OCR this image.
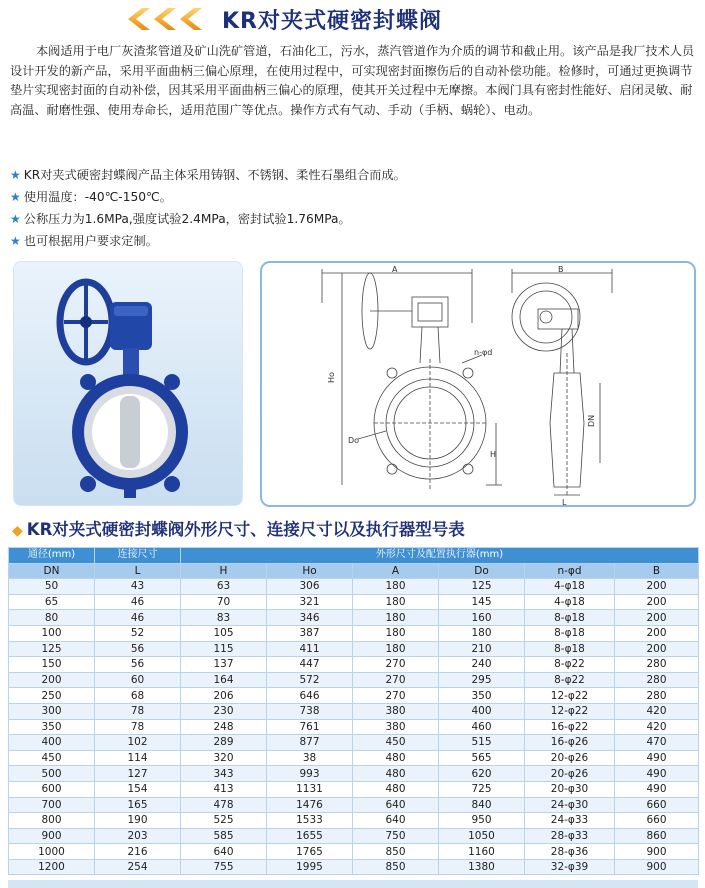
KR对夹式硬密封蝶阀

本阀适用于电厂灰渣浆管道及矿山洗矿管道，石油化工，污水，蒸汽管道作为介质的调节和截止用。该产品是我厂技术人员设计开发的新产品，采用平面曲柄三偏心原理，在使用过程中，可实现密封面擦伤后的自动补偿功能。检修时，可通过更换调节垫片实现密封面的自动补偿，因其采用平面曲柄三偏心的原理，使其开关过程中无摩擦。本阀门具有密封性能好、启闭灵敏、耐高温、耐磨性强、使用寿命长，适用范围广等优点。操作方式有气动、手动（手柄、蜗轮）、电动。

★ KR对夹式硬密封蝶阀产品主体采用铸钢、不锈钢、柔性石墨组合而成。
★ 使用温度：-40℃-150℃。
★ 公称压力为1.6MPa,强度试验2.4MPa，密封试验1.76MPa。
★ 也可根据用户要求定制。
A
Ho
H
Do
n-φd
B
DN
L
◆ KR对夹式硬密封蝶阀外形尺寸、连接尺寸以及执行器型号表
通径(mm)	连接尺寸	外形尺寸及配置执行器(mm)					
DN	L	H	Ho	A	Do	n-φd	B
50	43	63	306	180	125	4-φ18	200
65	46	70	321	180	145	4-φ18	200
80	46	83	346	180	160	8-φ18	200
100	52	105	387	180	180	8-φ18	200
125	56	115	411	180	210	8-φ18	200
150	56	137	447	270	240	8-φ22	280
200	60	164	572	270	295	8-φ22	280
250	68	206	646	270	350	12-φ22	280
300	78	230	738	380	400	12-φ22	420
350	78	248	761	380	460	16-φ22	420
400	102	289	877	450	515	16-φ26	470
450	114	320	38	480	565	20-φ26	490
500	127	343	993	480	620	20-φ26	490
600	154	413	1131	480	725	20-φ30	490
700	165	478	1476	640	840	24-φ30	660
800	190	525	1533	640	950	24-φ33	660
900	203	585	1655	750	1050	28-φ33	860
1000	216	640	1765	850	1160	28-φ36	900
1200	254	755	1995	850	1380	32-φ39	900
